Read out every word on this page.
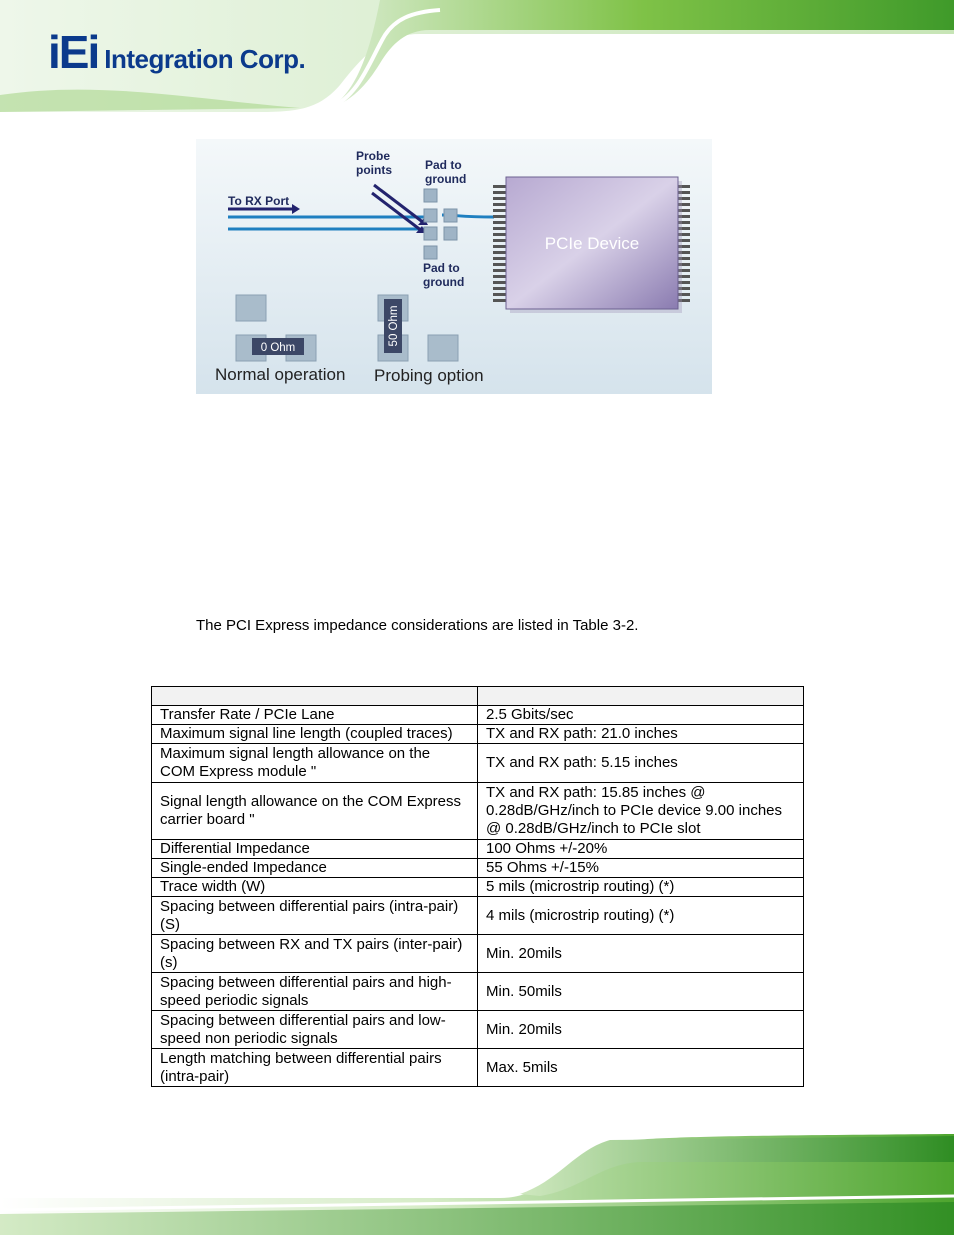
iEi Integration Corp.
To RX Port
Probe
points	Pad to
ground
Pad to
ground
PCIe Device
0 Ohm
50 Ohm
Normal operation Probing option
The PCI Express impedance considerations are listed in Table 3-2.

Transfer Rate / PCIe Lane	2.5 Gbits/sec
Maximum signal line length (coupled traces)	TX and RX path: 21.0 inches
Maximum signal length allowance on the COM Express module "	TX and RX path: 5.15 inches
Signal length allowance on the COM Express carrier board "	TX and RX path: 15.85 inches @ 0.28dB/GHz/inch to PCIe device 9.00 inches @ 0.28dB/GHz/inch to PCIe slot
Differential Impedance	100 Ohms +/-20%
Single-ended Impedance	55 Ohms +/-15%
Trace width (W)	5 mils (microstrip routing) (*)
Spacing between differential pairs (intra-pair) (S)	4 mils (microstrip routing) (*)
Spacing between RX and TX pairs (inter-pair) (s)	Min. 20mils
Spacing between differential pairs and high-speed periodic signals	Min. 50mils
Spacing between differential pairs and low-speed non periodic signals	Min. 20mils
Length matching between differential pairs (intra-pair)	Max. 5mils
